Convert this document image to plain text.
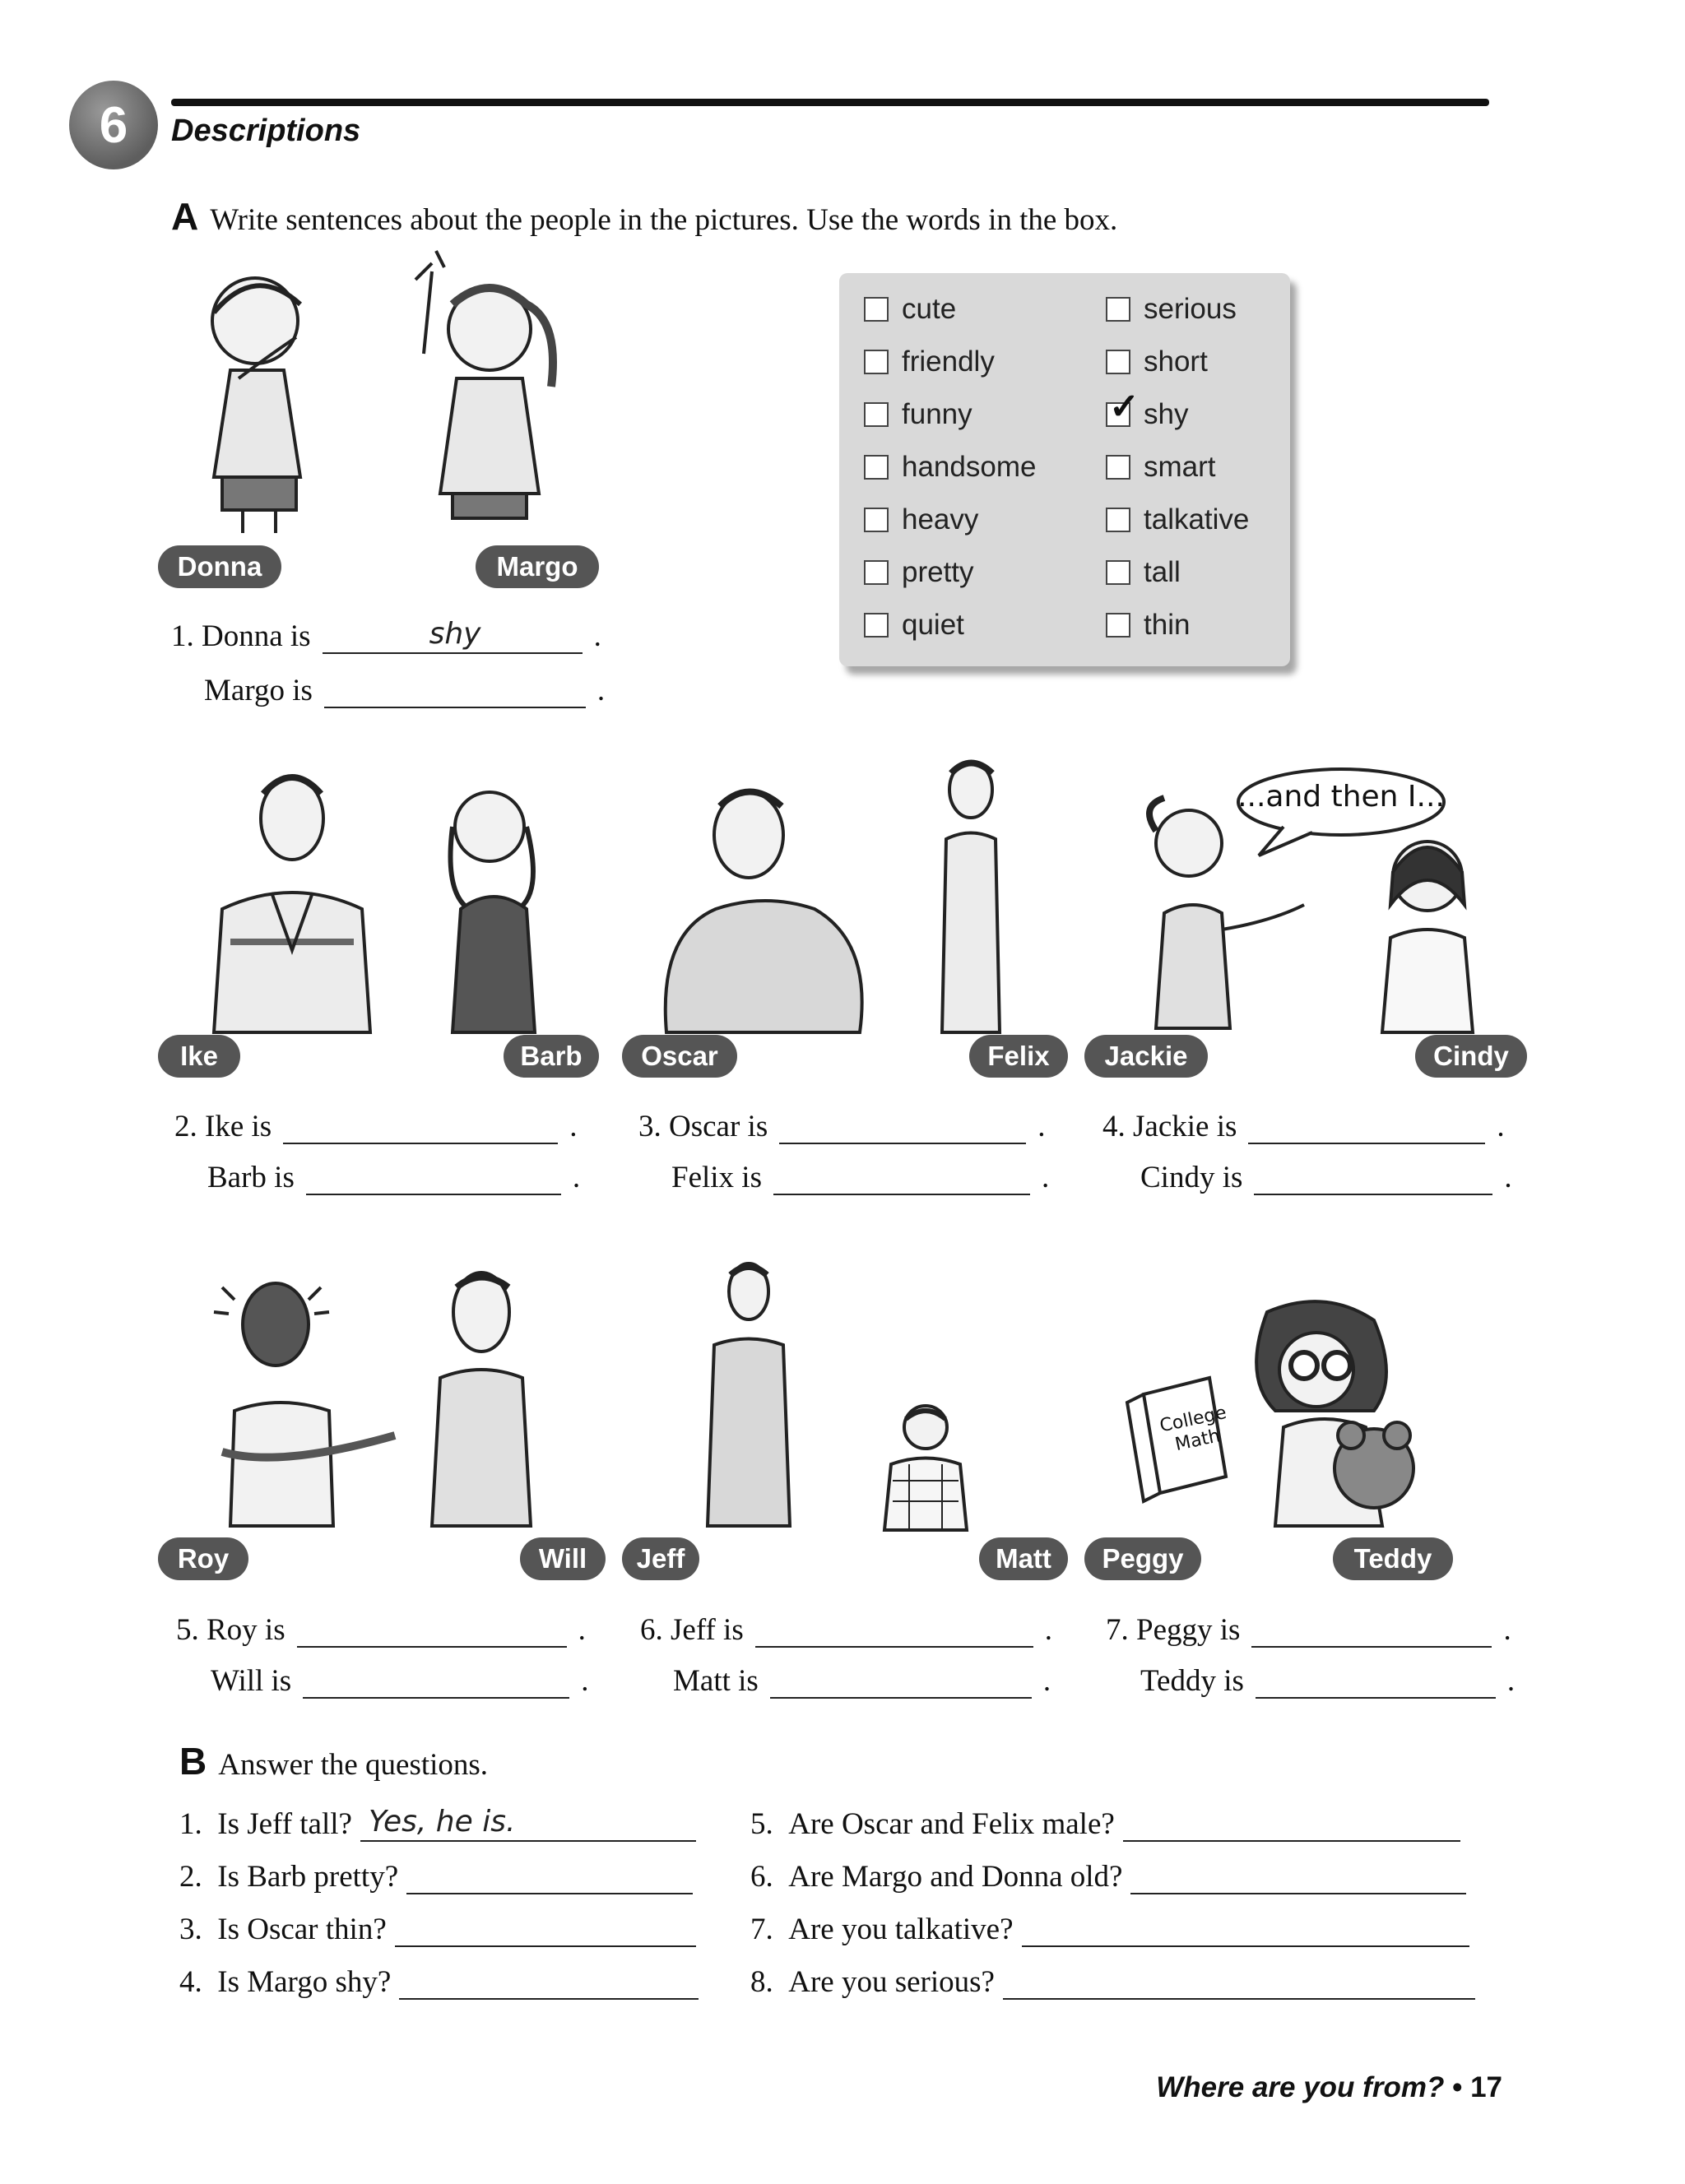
6	Descriptions
A Write sentences about the people in the pictures. Use the words in the box.
cute
friendly
funny
handsome
heavy
pretty
quiet
serious
short
✓ shy
smart
talkative
tall
thin
...and then I...
College Math
Donna	Margo
Ike	Barb	Oscar	Felix	Jackie	Cindy
Roy	Will	Jeff	Matt	Peggy	Teddy
1.
Donna is	shy	.
Margo is	.
2.
Ike is	.
Barb is	.
3.
Oscar is	.
Felix is	.
4.
Jackie is	.
Cindy is	.
5.
Roy is	.
Will is	.
6.
Jeff is	.
Matt is	.
7.
Peggy is	.
Teddy is	.
B Answer the questions.
1.
Is Jeff tall? Yes, he is.
2.
Is Barb pretty?
3.
Is Oscar thin?
4.
Is Margo shy?
5.
Are Oscar and Felix male?
6.
Are Margo and Donna old?
7.
Are you talkative?
8.
Are you serious?
Where are you from? • 17
